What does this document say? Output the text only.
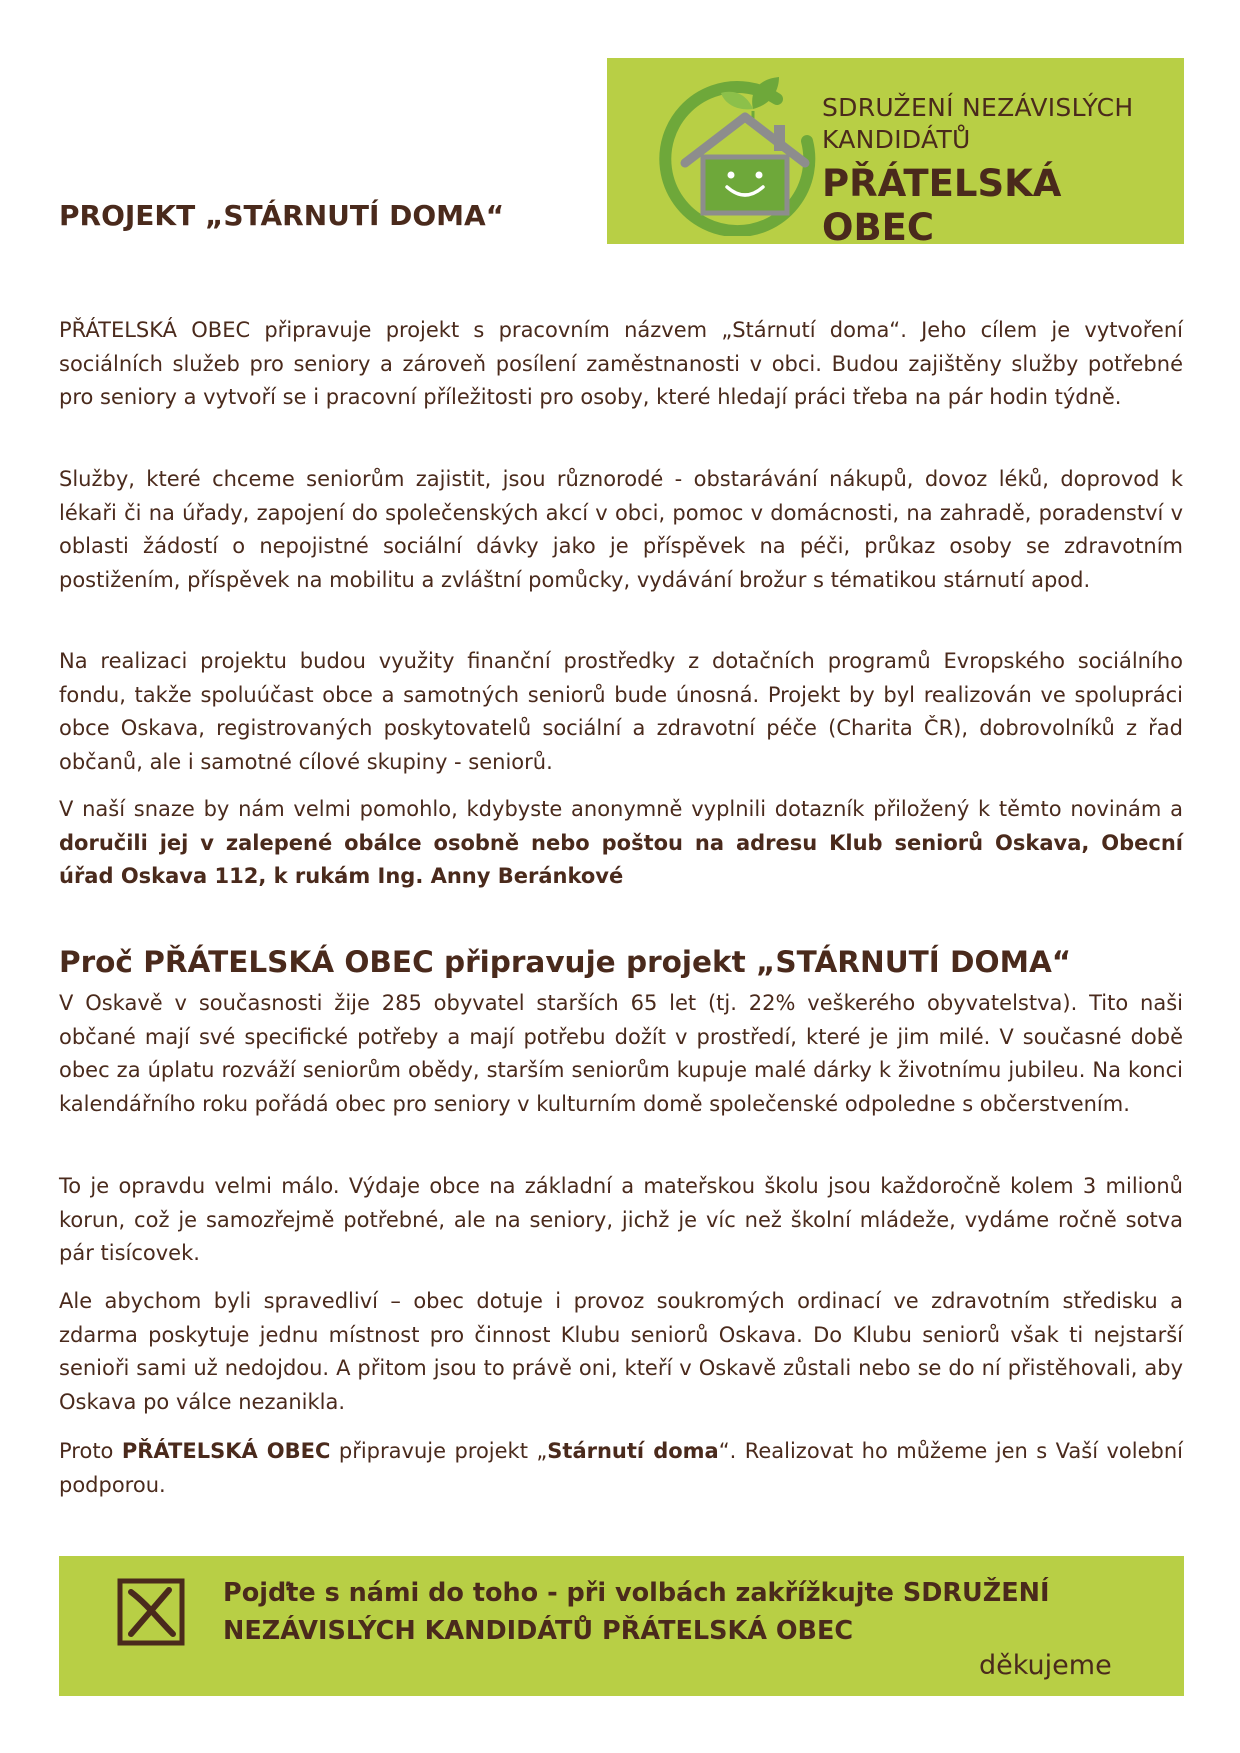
SDRUŽENÍ NEZÁVISLÝCH
KANDIDÁTŮ
PŘÁTELSKÁ OBEC
PROJEKT „STÁRNUTÍ DOMA“

PŘÁTELSKÁ OBEC připravuje projekt s pracovním názvem „Stárnutí doma“. Jeho cílem je vytvoření sociálních služeb pro seniory a zároveň posílení zaměstnanosti v obci. Budou zajištěny služby potřebné pro seniory a vytvoří se i pracovní příležitosti pro osoby, které hledají práci třeba na pár hodin týdně.

Služby, které chceme seniorům zajistit, jsou různorodé - obstarávání nákupů, dovoz léků, doprovod k lékaři či na úřady, zapojení do společenských akcí v obci, pomoc v domácnosti, na zahradě, poradenství v oblasti žádostí o nepojistné sociální dávky jako je příspěvek na péči, průkaz osoby se zdravotním postižením, příspěvek na mobilitu a zvláštní pomůcky, vydávání brožur s tématikou stárnutí apod.

Na realizaci projektu budou využity finanční prostředky z dotačních programů Evropského sociálního fondu, takže spoluúčast obce a samotných seniorů bude únosná. Projekt by byl realizován ve spolupráci obce Oskava, registrovaných poskytovatelů sociální a zdravotní péče (Charita ČR), dobrovolníků z řad občanů, ale i samotné cílové skupiny - seniorů.

V naší snaze by nám velmi pomohlo, kdybyste anonymně vyplnili dotazník přiložený k těmto novinám a doručili jej v zalepené obálce osobně nebo poštou na adresu Klub seniorů Oskava, Obecní úřad Oskava 112, k rukám Ing. Anny Beránkové

Proč PŘÁTELSKÁ OBEC připravuje projekt „STÁRNUTÍ DOMA“

V Oskavě v současnosti žije 285 obyvatel starších 65 let (tj. 22% veškerého obyvatelstva). Tito naši občané mají své specifické potřeby a mají potřebu dožít v prostředí, které je jim milé. V současné době obec za úplatu rozváží seniorům obědy, starším seniorům kupuje malé dárky k životnímu jubileu. Na konci kalendářního roku pořádá obec pro seniory v kulturním domě společenské odpoledne s občerstvením.

To je opravdu velmi málo. Výdaje obce na základní a mateřskou školu jsou každoročně kolem 3 milionů korun, což je samozřejmě potřebné, ale na seniory, jichž je víc než školní mládeže, vydáme ročně sotva pár tisícovek.

Ale abychom byli spravedliví – obec dotuje i provoz soukromých ordinací ve zdravotním středisku a zdarma poskytuje jednu místnost pro činnost Klubu seniorů Oskava. Do Klubu seniorů však ti nejstarší senioři sami už nedojdou. A přitom jsou to právě oni, kteří v Oskavě zůstali nebo se do ní přistěhovali, aby Oskava po válce nezanikla.

Proto PŘÁTELSKÁ OBEC připravuje projekt „Stárnutí doma“. Realizovat ho můžeme jen s Vaší volební podporou.

Pojďte s námi do toho - při volbách zakřížkujte SDRUŽENÍ
NEZÁVISLÝCH KANDIDÁTŮ PŘÁTELSKÁ OBEC
děkujeme
